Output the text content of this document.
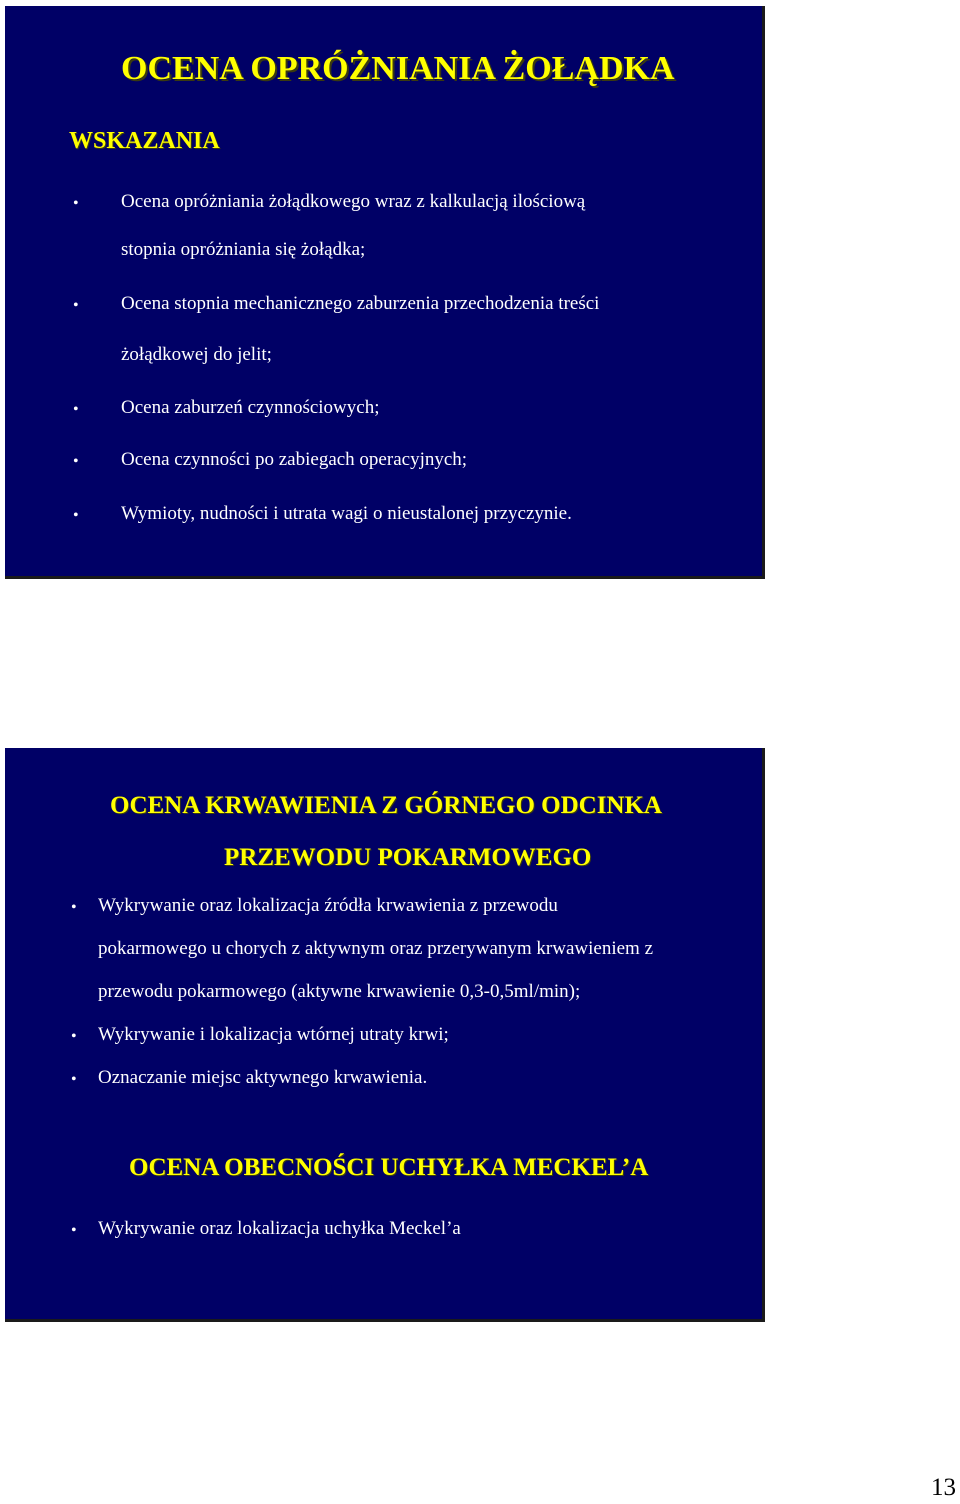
OCENA OPRÓŻNIANIA ŻOŁĄDKA
WSKAZANIA
• Ocena opróżniania żołądkowego wraz z kalkulacją ilościową

stopnia opróżniania się żołądka;

• Ocena stopnia mechanicznego zaburzenia przechodzenia treści

żołądkowej do jelit;

• Ocena zaburzeń czynnościowych;

• Ocena czynności po zabiegach operacyjnych;

• Wymioty, nudności i utrata wagi o nieustalonej przyczynie.

OCENA KRWAWIENIA Z GÓRNEGO ODCINKA
PRZEWODU POKARMOWEGO
• Wykrywanie oraz lokalizacja źródła krwawienia z przewodu

pokarmowego u chorych z aktywnym oraz przerywanym krwawieniem z

przewodu pokarmowego (aktywne krwawienie 0,3-0,5ml/min);

• Wykrywanie i lokalizacja wtórnej utraty krwi;

• Oznaczanie miejsc aktywnego krwawienia.

OCENA OBECNOŚCI UCHYŁKA MECKEL’A
• Wykrywanie oraz lokalizacja uchyłka Meckel’a

13
